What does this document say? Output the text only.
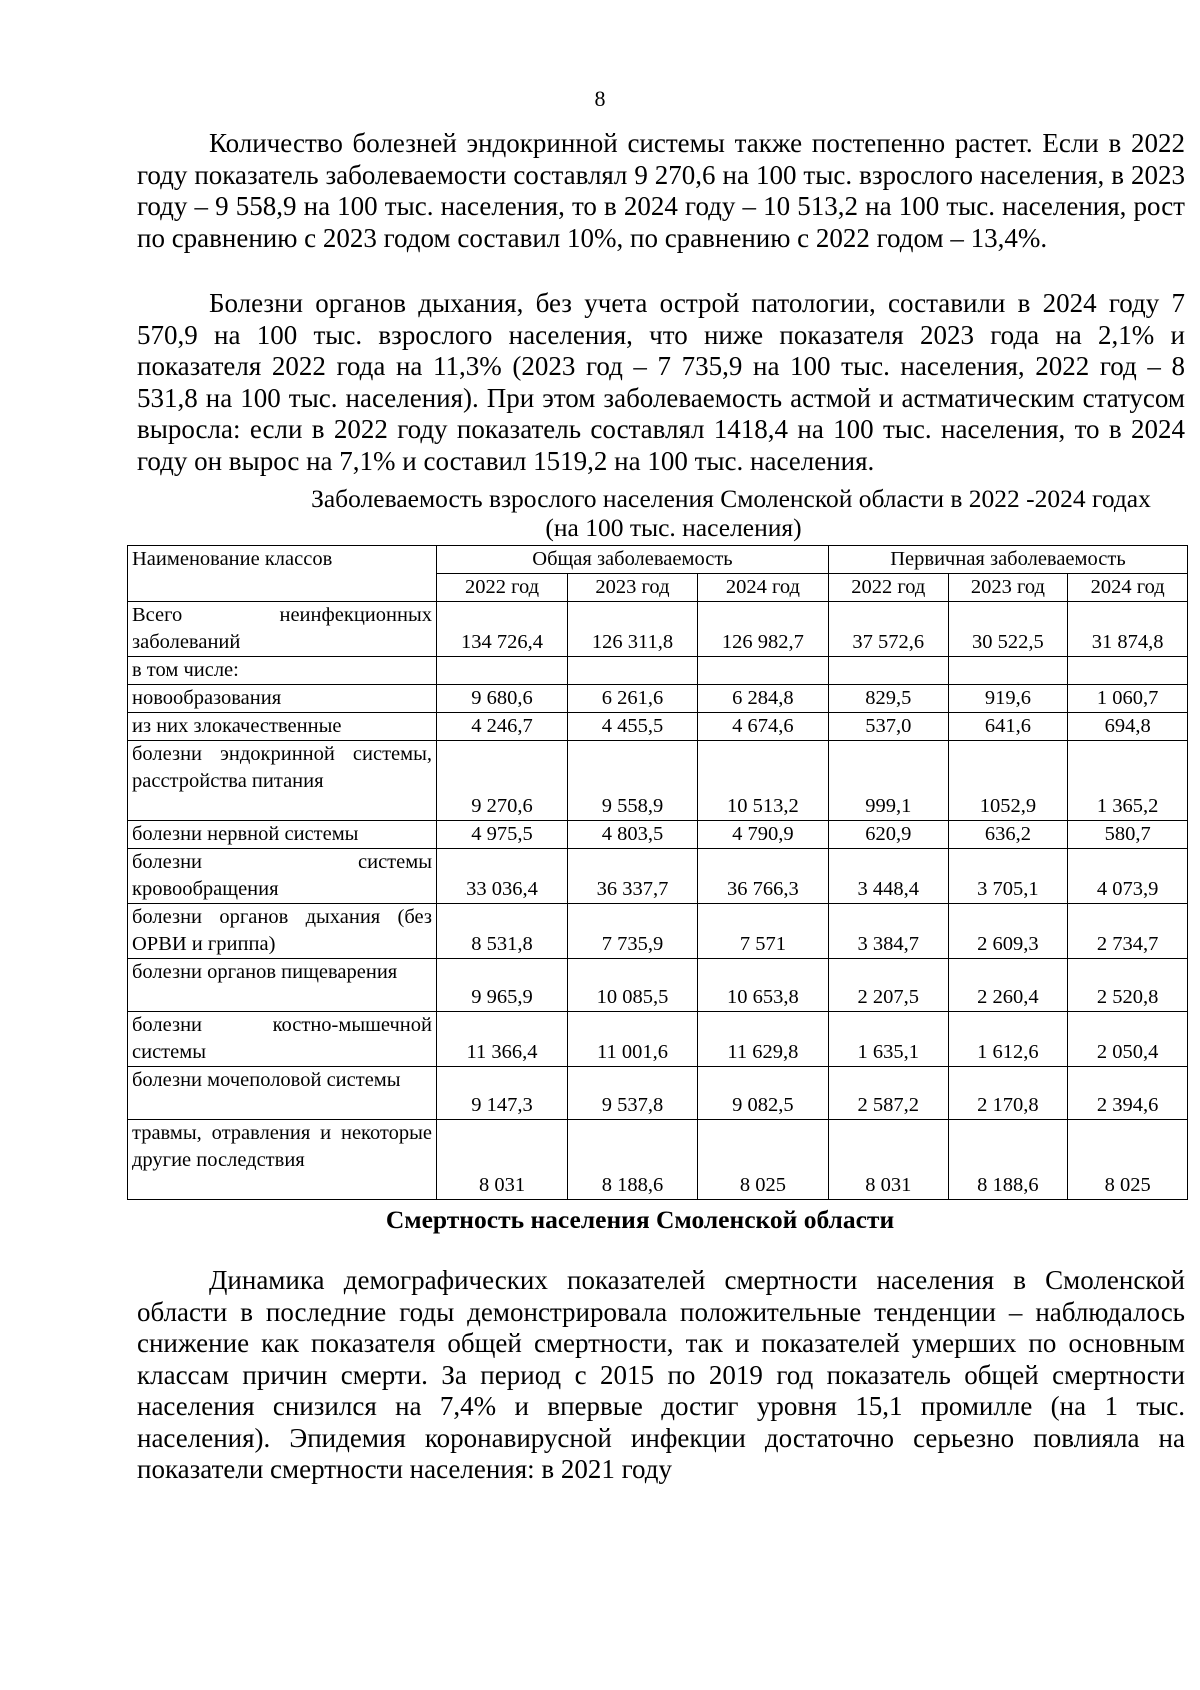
8

Количество болезней эндокринной системы также постепенно растет. Если в 2022 году показатель заболеваемости составлял 9 270,6 на 100 тыс. взрослого населения, в 2023 году – 9 558,9 на 100 тыс. населения, то в 2024 году – 10 513,2 на 100 тыс. населения, рост по сравнению с 2023 годом составил 10%, по сравнению с 2022 годом – 13,4%.

Болезни органов дыхания, без учета острой патологии, составили в 2024 году 7 570,9 на 100 тыс. взрослого населения, что ниже показателя 2023 года на 2,1% и показателя 2022 года на 11,3% (2023 год – 7 735,9 на 100 тыс. населения, 2022 год – 8 531,8 на 100 тыс. населения). При этом заболеваемость астмой и астматическим статусом выросла: если в 2022 году показатель составлял 1418,4 на 100 тыс. населения, то в 2024 году он вырос на 7,1% и составил 1519,2 на 100 тыс. населения.

Заболеваемость взрослого населения Смоленской области в 2022 -2024 годах
(на 100 тыс. населения)
Наименование классов	Общая заболеваемость			Первичная заболеваемость		
	2022 год	2023 год	2024 год	2022 год	2023 год	2024 год
Всего неинфекционных заболеваний	134 726,4	126 311,8	126 982,7	37 572,6	30 522,5	31 874,8
в том числе:						
новообразования	9 680,6	6 261,6	6 284,8	829,5	919,6	1 060,7
из них злокачественные	4 246,7	4 455,5	4 674,6	537,0	641,6	694,8
болезни эндокринной системы, расстройства питания	9 270,6	9 558,9	10 513,2	999,1	1052,9	1 365,2
болезни нервной системы	4 975,5	4 803,5	4 790,9	620,9	636,2	580,7
болезни системы кровообращения	33 036,4	36 337,7	36 766,3	3 448,4	3 705,1	4 073,9
болезни органов дыхания (без ОРВИ и гриппа)	8 531,8	7 735,9	7 571	3 384,7	2 609,3	2 734,7
болезни органов пищеварения	9 965,9	10 085,5	10 653,8	2 207,5	2 260,4	2 520,8
болезни костно-мышечной системы	11 366,4	11 001,6	11 629,8	1 635,1	1 612,6	2 050,4
болезни мочеполовой системы	9 147,3	9 537,8	9 082,5	2 587,2	2 170,8	2 394,6
травмы, отравления и некоторые другие последствия	8 031	8 188,6	8 025	8 031	8 188,6	8 025
Смертность населения Смоленской области

Динамика демографических показателей смертности населения в Смоленской области в последние годы демонстрировала положительные тенденции – наблюдалось снижение как показателя общей смертности, так и показателей умерших по основным классам причин смерти. За период с 2015 по 2019 год показатель общей смертности населения снизился на 7,4% и впервые достиг уровня 15,1 промилле (на 1 тыс. населения). Эпидемия коронавирусной инфекции достаточно серьезно повлияла на показатели смертности населения: в 2021 году
